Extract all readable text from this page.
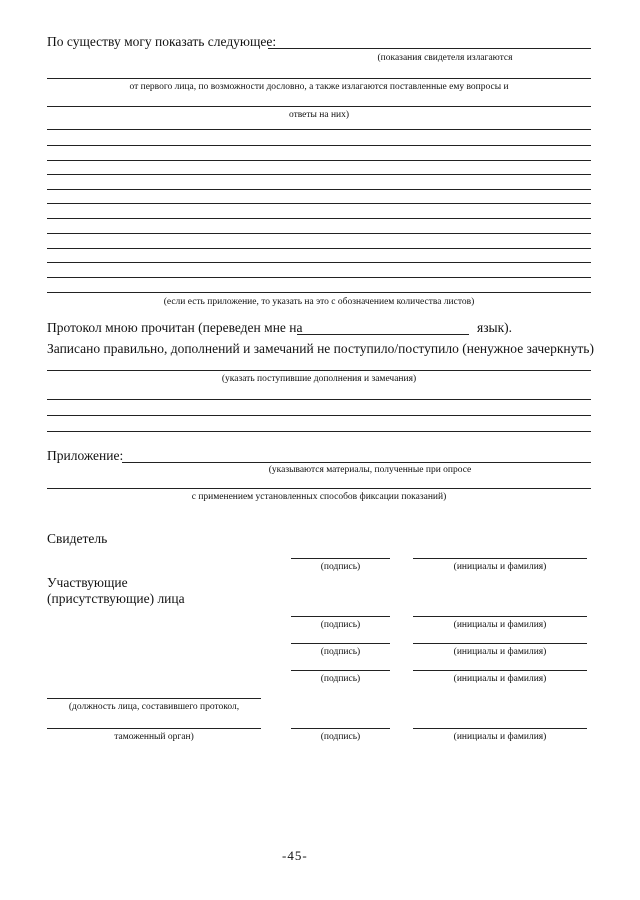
По существу могу показать следующее:
(показания свидетеля излагаются
от первого лица, по возможности дословно, а также излагаются поставленные ему вопросы и
ответы на них)
(если есть приложение, то указать на это с обозначением количества листов)
Протокол мною прочитан (переведен мне на	язык).
Записано правильно, дополнений и замечаний не поступило/поступило (ненужное зачеркнуть)
(указать поступившие дополнения и замечания)
Приложение:
(указываются материалы, полученные при опросе
с применением установленных способов фиксации показаний)
Свидетель
(подпись)	(инициалы и фамилия)
Участвующие
(присутствующие) лица
(подпись)	(инициалы и фамилия)
(подпись)	(инициалы и фамилия)
(подпись)	(инициалы и фамилия)
(должность лица, составившего протокол,
таможенный орган)	(подпись)	(инициалы и фамилия)
-45-
